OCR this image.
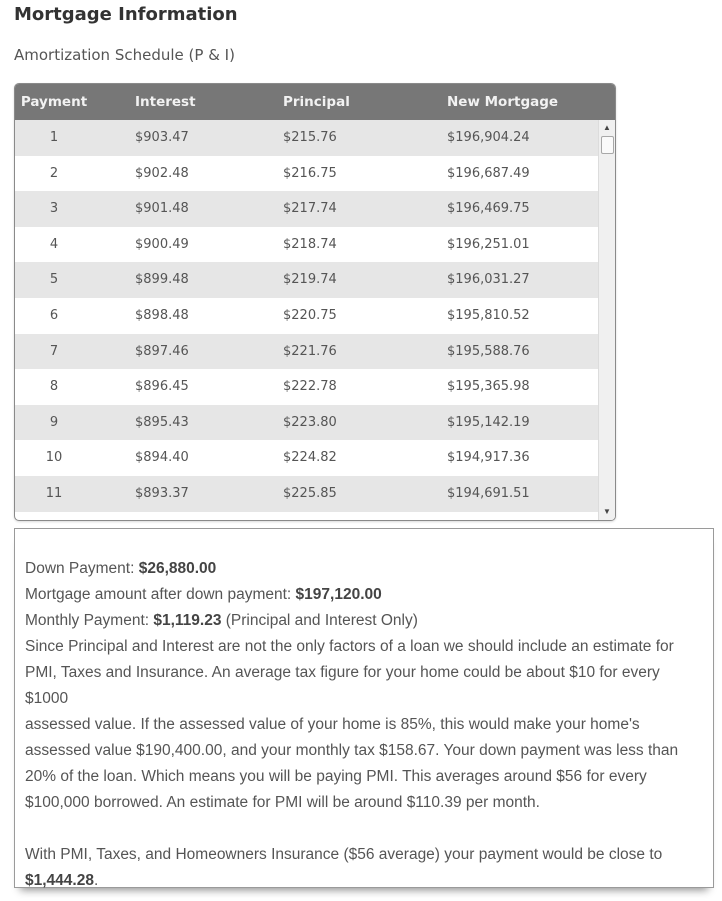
Mortgage Information
Amortization Schedule (P & I)
Payment	Interest	Principal	New Mortgage
1	$903.47	$215.76	$196,904.24
2	$902.48	$216.75	$196,687.49
3	$901.48	$217.74	$196,469.75
4	$900.49	$218.74	$196,251.01
5	$899.48	$219.74	$196,031.27
6	$898.48	$220.75	$195,810.52
7	$897.46	$221.76	$195,588.76
8	$896.45	$222.78	$195,365.98
9	$895.43	$223.80	$195,142.19
10	$894.40	$224.82	$194,917.36
11	$893.37	$225.85	$194,691.51
▲
▼
Down Payment: $26,880.00
Mortgage amount after down payment: $197,120.00
Monthly Payment: $1,119.23 (Principal and Interest Only)
Since Principal and Interest are not the only factors of a loan we should include an estimate for
PMI, Taxes and Insurance. An average tax figure for your home could be about $10 for every $1000
assessed value. If the assessed value of your home is 85%, this would make your home's
assessed value $190,400.00, and your monthly tax $158.67. Your down payment was less than
20% of the loan. Which means you will be paying PMI. This averages around $56 for every
$100,000 borrowed. An estimate for PMI will be around $110.39 per month.
With PMI, Taxes, and Homeowners Insurance ($56 average) your payment would be close to
$1,444.28.
